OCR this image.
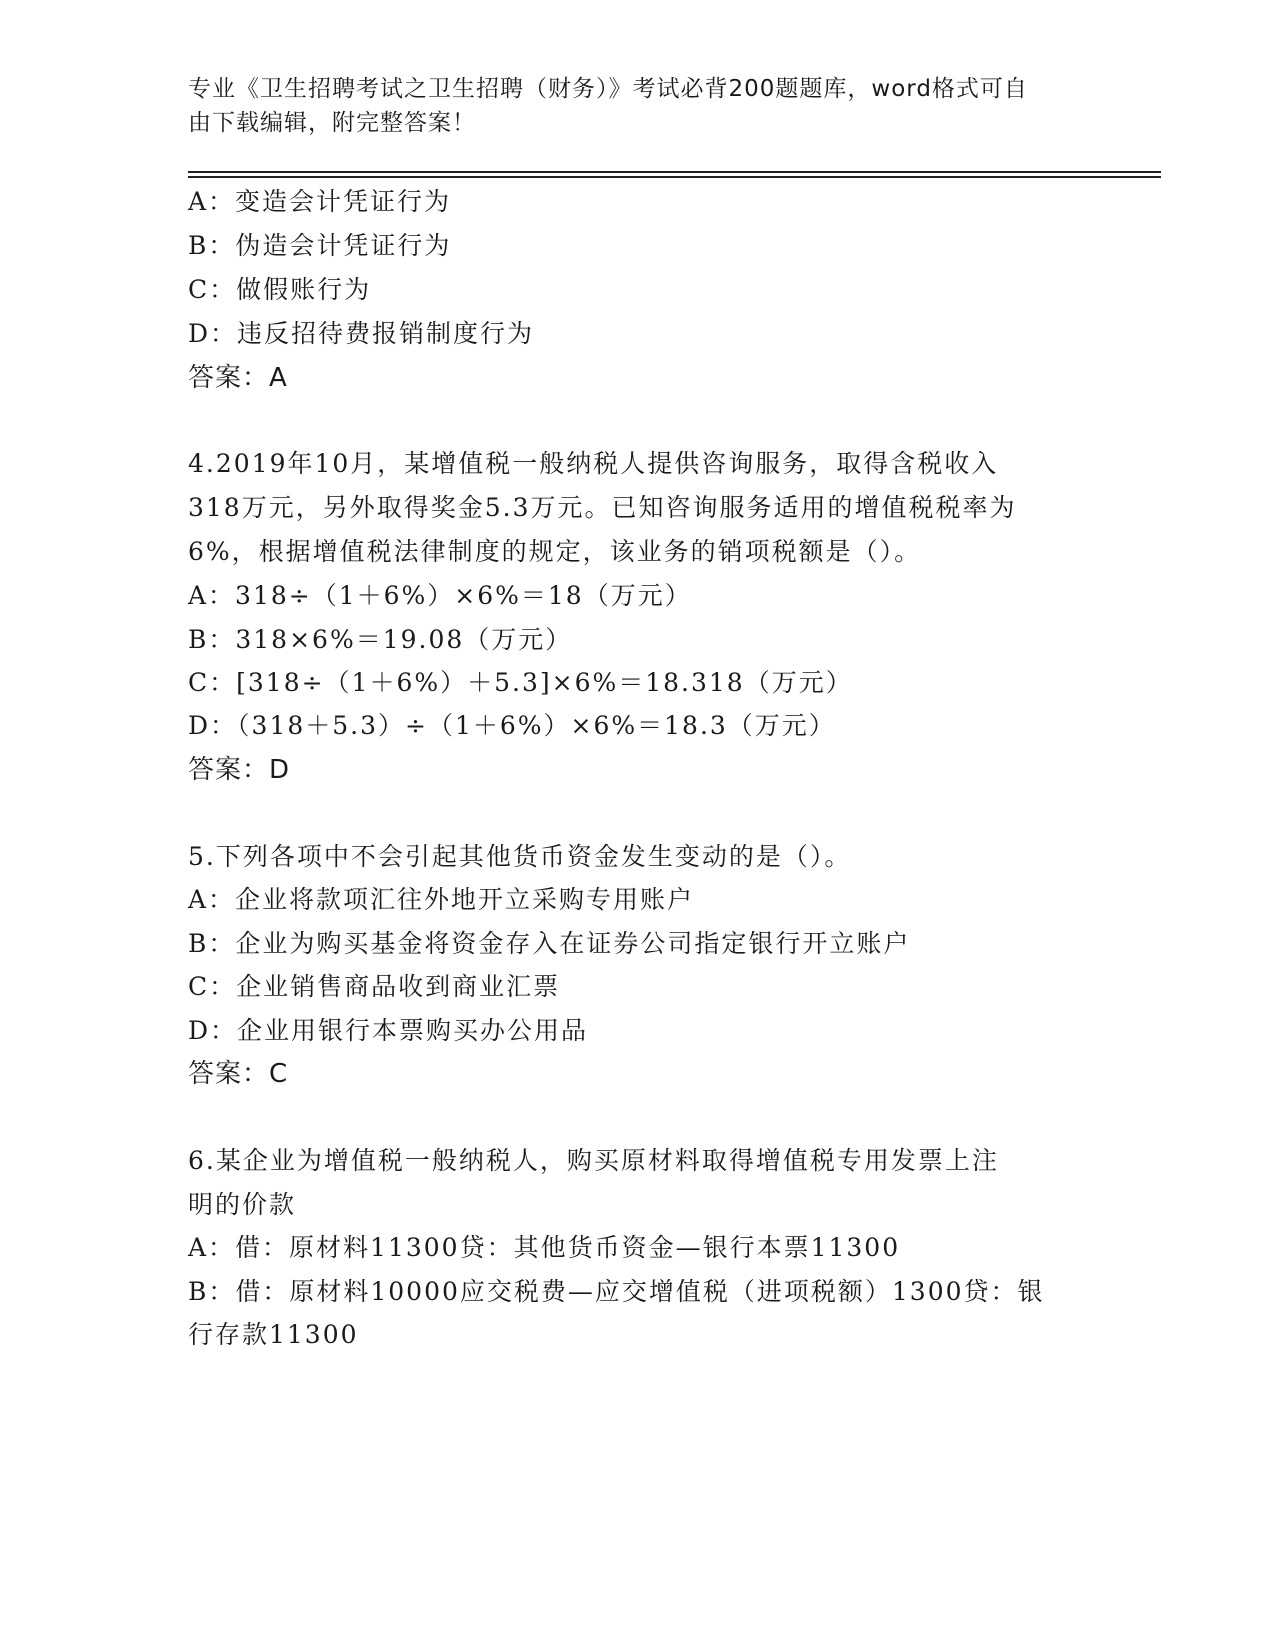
专业《卫生招聘考试之卫生招聘（财务）》考试必背200题题库，word格式可自
由下载编辑，附完整答案！
A：变造会计凭证行为
B：伪造会计凭证行为
C：做假账行为
D：违反招待费报销制度行为
答案：A
4.2019年10月，某增值税一般纳税人提供咨询服务，取得含税收入
318万元，另外取得奖金5.3万元。已知咨询服务适用的增值税税率为
6%，根据增值税法律制度的规定，该业务的销项税额是（）。
A：318÷（1＋6%）×6%＝18（万元）
B：318×6%＝19.08（万元）
C：[318÷（1＋6%）＋5.3]×6%＝18.318（万元）
D：（318＋5.3）÷（1＋6%）×6%＝18.3（万元）
答案：D
5.下列各项中不会引起其他货币资金发生变动的是（）。
A：企业将款项汇往外地开立采购专用账户
B：企业为购买基金将资金存入在证券公司指定银行开立账户
C：企业销售商品收到商业汇票
D：企业用银行本票购买办公用品
答案：C
6.某企业为增值税一般纳税人，购买原材料取得增值税专用发票上注
明的价款
A：借：原材料11300贷：其他货币资金—银行本票11300
B：借：原材料10000应交税费—应交增值税（进项税额）1300贷：银
行存款11300
